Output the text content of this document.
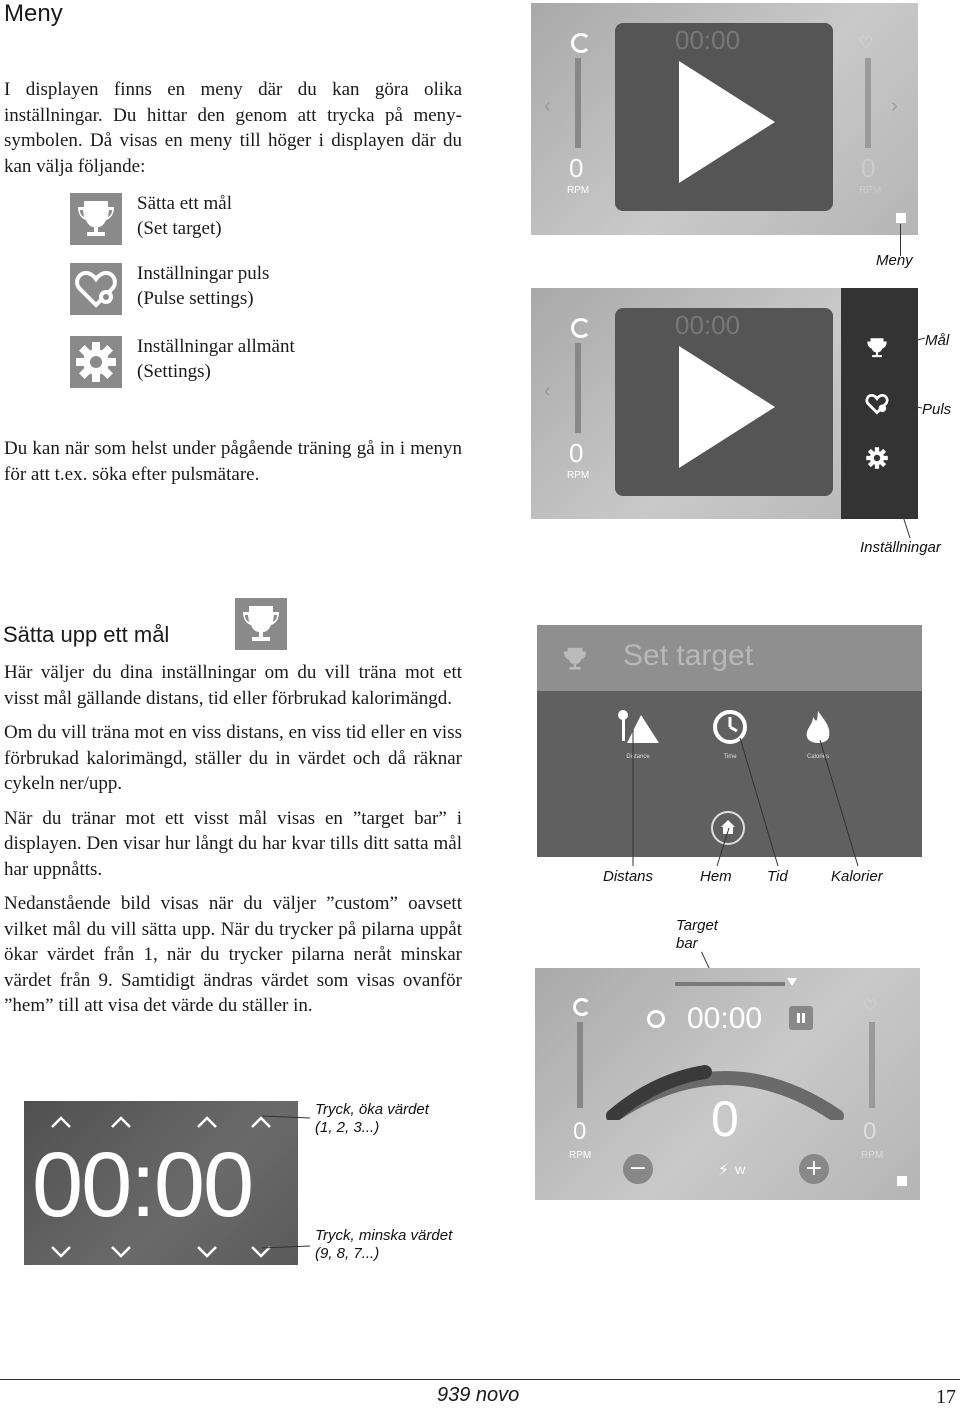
Meny

I displayen finns en meny där du kan göra olika inställningar. Du hittar den genom att trycka på meny-symbolen. Då visas en meny till höger i displayen där du kan välja följande:

Sätta ett mål
(Set target)
Inställningar puls
(Pulse settings)
Inställningar allmänt
(Settings)

Du kan när som helst under pågående träning gå in i menyn för att t.ex. söka efter pulsmätare.

0
RPM
00:00
‹	›
♡
0
RPM
Meny
0
RPM
00:00
‹
Mål
Puls
Inställningar
Sätta upp ett mål

Här väljer du dina inställningar om du vill träna mot ett visst mål gällande distans, tid eller förbrukad kalorimängd.

Om du vill träna mot en viss distans, en viss tid eller en viss förbrukad kalorimängd, ställer du in värdet och då räknar cykeln ner/upp.

När du tränar mot ett visst mål visas en ”target bar” i displayen. Den visar hur långt du har kvar tills ditt satta mål har uppnåtts.

Nedanstående bild visas när du väljer ”custom” oavsett vilket mål du vill sätta upp. När du trycker på pilarna uppåt ökar värdet från 1, när du trycker pilarna neråt minskar värdet från 9. Samtidigt ändras värdet som visas ovanför ”hem” till att visa det värde du ställer in.

Set target
Distance	Time	Calories
Distans	Hem Tid	Kalorier
Target
bar
0
RPM
00:00
0
−	⚡ W	+
♡
0
RPM
00:00
Tryck, öka värdet
(1, 2, 3...)
Tryck, minska värdet
(9, 8, 7...)
939 novo	17
